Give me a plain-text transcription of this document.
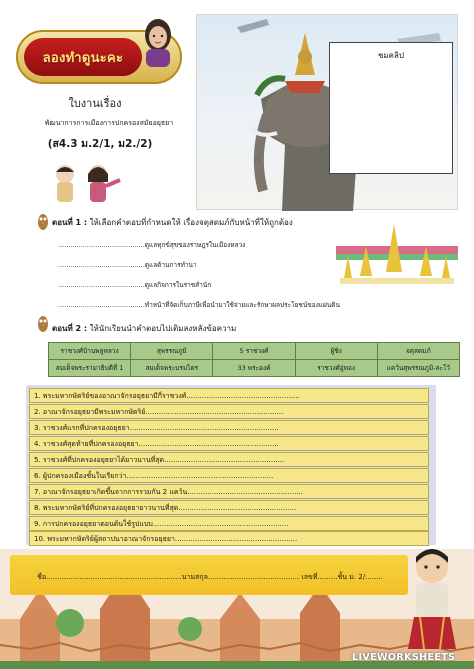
ลองทำดูนะคะ
ใบงานเรื่อง
พัฒนาการการเมืองการปกครองสมัยอยุธยา
(ส4.3 ม.2/1, ม2./2)
ชมคลิป
ตอนที่ 1 : ให้เลือกคำตอบที่กำหนดให้ เรื่องจตุสดมภ์กับหน้าที่ให้ถูกต้อง
..........................................ดูแลทุกข์สุขของราษฎรในเมืองหลวง
..........................................ดูแลด้านการทำนา
..........................................ดูแลกิจการในราชสำนัก
..........................................ทำหน้าที่จัดเก็บภาษีเพื่อนำมาใช้จ่ายและรักษาผลประโยชน์ของแผ่นดิน
ตอนที่ 2 : ให้นักเรียนนำคำตอบไปเติมลงหลังข้อความ
ราชวงศ์บ้านพลูหลวง	สุพรรณภูมิ	5 ราชวงศ์	ผู้ชิง	จตุสดมภ์
สมเด็จพระรามาธิบดีที่ 1	สมเด็จพระบรมไตร	33 พระองค์	ราชวงศ์อู่ทอง	แคว้นสุพรรณภูมิ-ละโว้
1. พระมหากษัตริย์ของอาณาจักรอยุธยามีกี่ราชวงศ์...................................................
2. อาณาจักรอยุธยามีพระมหากษัตริย์..............................................................
3. ราชวงศ์แรกที่ปกครองอยุธยา...................................................................
4. ราชวงศ์สุดท้ายที่ปกครองอยุธยา...............................................................
5. ราชวงศ์ที่ปกครองอยุธยาได้ยาวนานที่สุด......................................................
6. ผู้ปกครองเมืองชั้นในเรียกว่า..................................................................
7. อาณาจักรอยุธยาเกิดขึ้นจากการรวมกัน 2 แคว้น....................................................
8. พระมหากษัตริย์ที่ปกครองอยุธยายาวนานที่สุด.....................................................
9. การปกครองอยุธยาตอนต้นใช้รูปแบบ.............................................................
10. พระมหากษัตริย์ผู้สถาปนาอาณาจักรอยุธยา.......................................................
ชื่อ.............................................................นามสกุล......................................... เลขที่.........ชั้น ม. 2/........
LIVEWORKSHEETS
